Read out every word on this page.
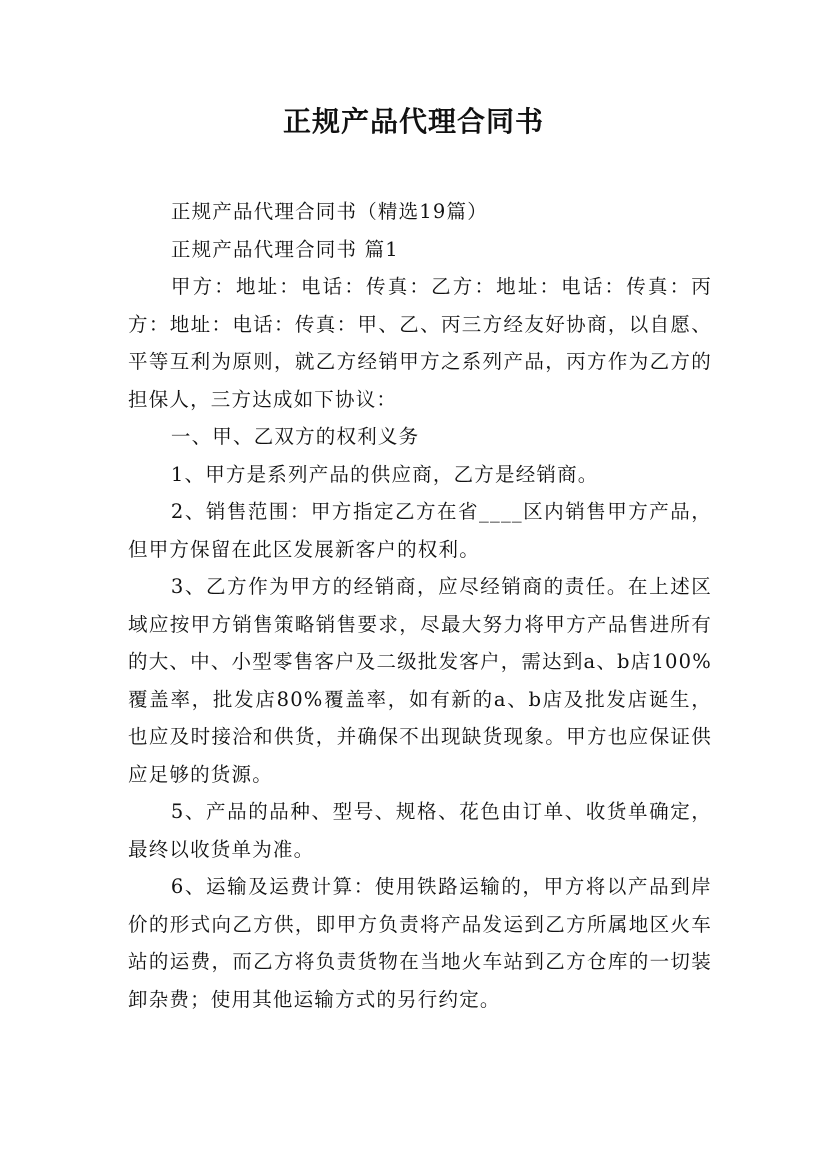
正规产品代理合同书

正规产品代理合同书（精选19篇）

正规产品代理合同书 篇1

甲方：地址：电话：传真：乙方：地址：电话：传真：丙方：地址：电话：传真：甲、乙、丙三方经友好协商，以自愿、平等互利为原则，就乙方经销甲方之系列产品，丙方作为乙方的担保人，三方达成如下协议：

一、甲、乙双方的权利义务

1、甲方是系列产品的供应商，乙方是经销商。

2、销售范围：甲方指定乙方在省____区内销售甲方产品，但甲方保留在此区发展新客户的权利。

3、乙方作为甲方的经销商，应尽经销商的责任。在上述区域应按甲方销售策略销售要求，尽最大努力将甲方产品售进所有的大、中、小型零售客户及二级批发客户，需达到a、b店100%覆盖率，批发店80%覆盖率，如有新的a、b店及批发店诞生，也应及时接洽和供货，并确保不出现缺货现象。甲方也应保证供应足够的货源。

5、产品的品种、型号、规格、花色由订单、收货单确定，最终以收货单为准。

6、运输及运费计算：使用铁路运输的，甲方将以产品到岸价的形式向乙方供，即甲方负责将产品发运到乙方所属地区火车站的运费，而乙方将负责货物在当地火车站到乙方仓库的一切装卸杂费；使用其他运输方式的另行约定。
